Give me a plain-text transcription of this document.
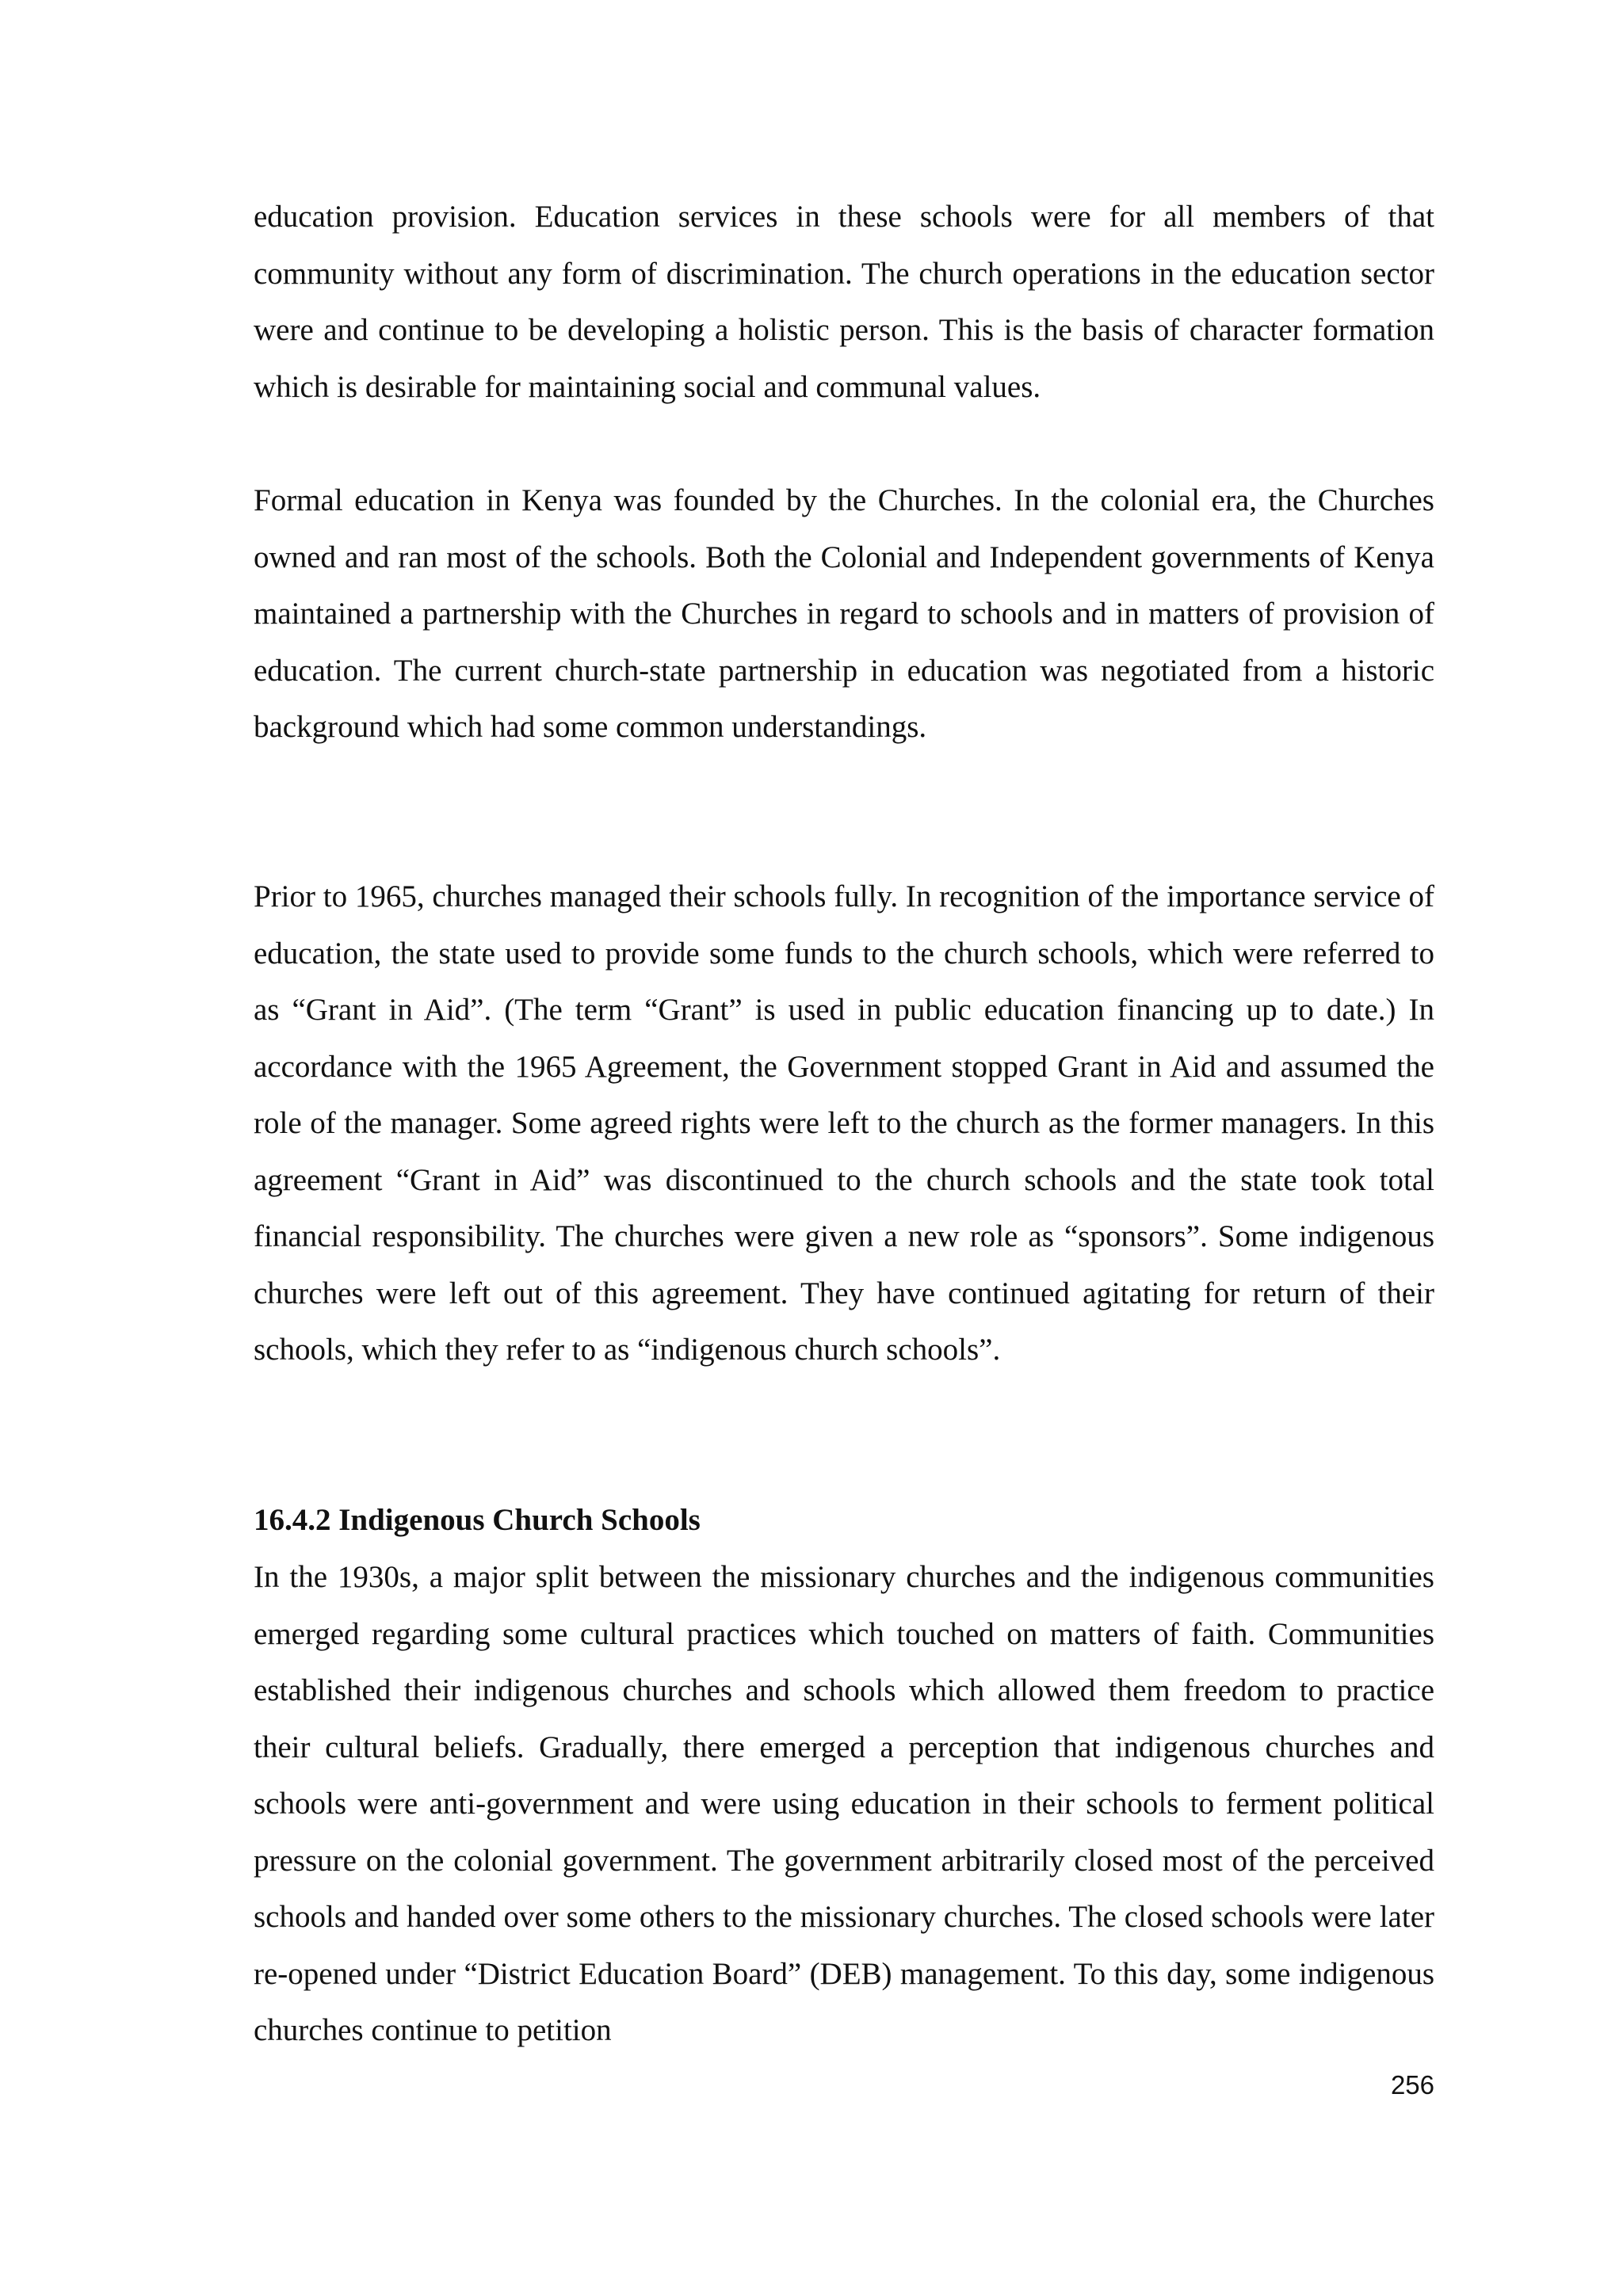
education provision. Education services in these schools were for all members of that community without any form of discrimination. The church operations in the education sector were and continue to be developing a holistic person. This is the basis of character formation which is desirable for maintaining social and communal values.

Formal education in Kenya was founded by the Churches. In the colonial era, the Churches owned and ran most of the schools. Both the Colonial and Independent governments of Kenya maintained a partnership with the Churches in regard to schools and in matters of provision of education. The current church-state partnership in education was negotiated from a historic background which had some common understandings.

Prior to 1965, churches managed their schools fully. In recognition of the importance service of education, the state used to provide some funds to the church schools, which were referred to as “Grant in Aid”. (The term “Grant” is used in public education financing up to date.) In accordance with the 1965 Agreement, the Government stopped Grant in Aid and assumed the role of the manager. Some agreed rights were left to the church as the former managers. In this agreement “Grant in Aid” was discontinued to the church schools and the state took total financial responsibility. The churches were given a new role as “sponsors”. Some indigenous churches were left out of this agreement. They have continued agitating for return of their schools, which they refer to as “indigenous church schools”.

16.4.2 Indigenous Church Schools

In the 1930s, a major split between the missionary churches and the indigenous communities emerged regarding some cultural practices which touched on matters of faith. Communities established their indigenous churches and schools which allowed them freedom to practice their cultural beliefs. Gradually, there emerged a perception that indigenous churches and schools were anti-government and were using education in their schools to ferment political pressure on the colonial government. The government arbitrarily closed most of the perceived schools and handed over some others to the missionary churches. The closed schools were later re-opened under “District Education Board” (DEB) management. To this day, some indigenous churches continue to petition

256
